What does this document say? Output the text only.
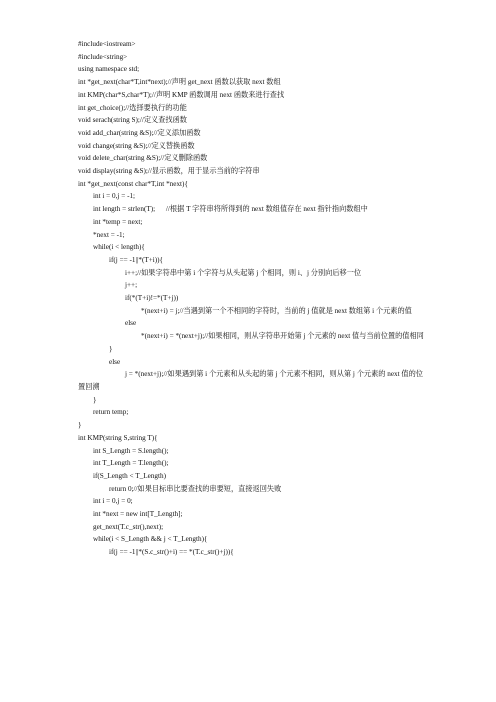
#include<iostream>
#include<string>
using namespace std;
int *get_next(char*T,int*next);//声明 get_next 函数以获取 next 数组
int KMP(char*S,char*T);//声明 KMP 函数调用 next 函数来进行查找
int get_choice();//选择要执行的功能
void serach(string S);//定义查找函数
void add_char(string &S);//定义添加函数
void change(string &S);//定义替换函数
void delete_char(string &S);//定义删除函数
void display(string &S);//显示函数，用于显示当前的字符串
int *get_next(const char*T,int *next){
int i = 0,j = -1;
int length = strlen(T);      //根据 T 字符串将所得到的 next 数组值存在 next 指针指向数组中
int *temp = next;
*next = -1;
while(i < length){
if(j == -1||*(T+i)){
i++;//如果字符串中第 i 个字符与从头起第 j 个相同，则 i、j 分别向后移一位
j++;
if(*(T+i)!=*(T+j))
*(next+i) = j;//当遇到第一个不相同的字符时，当前的 j 值就是 next 数组第 i 个元素的值
else
*(next+i) = *(next+j);//如果相同，则从字符串开始第 j 个元素的 next 值与当前位置的值相同
}
else
j = *(next+j);//如果遇到第 i 个元素和从头起的第 j 个元素不相同，则从第 j 个元素的 next 值的位置回溯
}
return temp;
}
int KMP(string S,string T){
int S_Length = S.length();
int T_Length = T.length();
if(S_Length < T_Length)
return 0;//如果目标串比要查找的串要短，直接返回失败
int i = 0,j = 0;
int *next = new int[T_Length];
get_next(T.c_str(),next);
while(i < S_Length && j < T_Length){
if(j == -1||*(S.c_str()+i) == *(T.c_str()+j)){
